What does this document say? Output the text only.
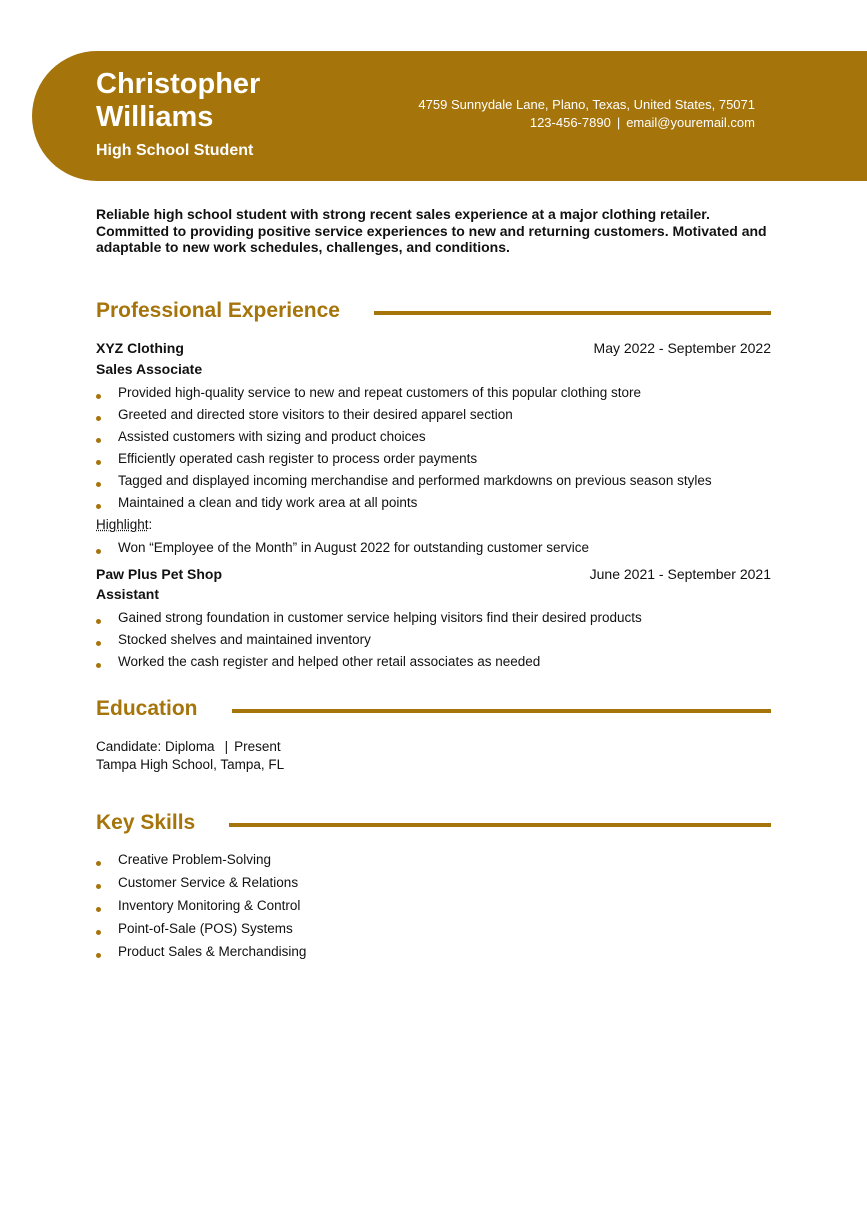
Christopher
Williams
High School Student
4759 Sunnydale Lane, Plano, Texas, United States, 75071
123-456-7890 | email@youremail.com
Reliable high school student with strong recent sales experience at a major clothing retailer. Committed to providing positive service experiences to new and returning customers. Motivated and adaptable to new work schedules, challenges, and conditions.
Professional Experience
XYZ Clothing	May 2022 - September 2022
Sales Associate
Provided high-quality service to new and repeat customers of this popular clothing store
Greeted and directed store visitors to their desired apparel section
Assisted customers with sizing and product choices
Efficiently operated cash register to process order payments
Tagged and displayed incoming merchandise and performed markdowns on previous season styles
Maintained a clean and tidy work area at all points
Highlight:
Won “Employee of the Month” in August 2022 for outstanding customer service
Paw Plus Pet Shop	June 2021 - September 2021
Assistant
Gained strong foundation in customer service helping visitors find their desired products
Stocked shelves and maintained inventory
Worked the cash register and helped other retail associates as needed
Education
Candidate: Diploma | Present
Tampa High School, Tampa, FL
Key Skills
Creative Problem-Solving
Customer Service & Relations
Inventory Monitoring & Control
Point-of-Sale (POS) Systems
Product Sales & Merchandising
